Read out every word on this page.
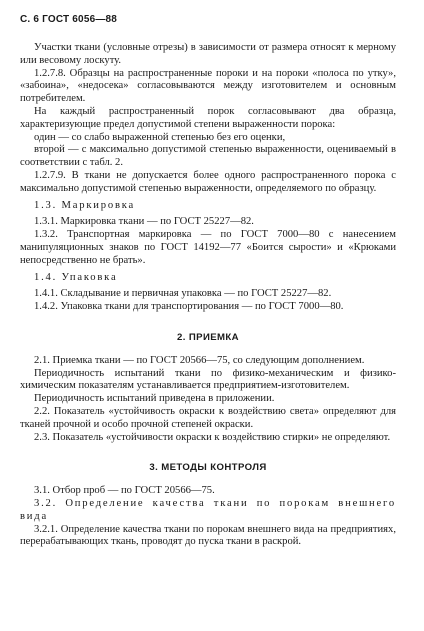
С. 6 ГОСТ 6056—88

Участки ткани (условные отрезы) в зависимости от размера относят к мерному или весовому лоскуту.

1.2.7.8. Образцы на распространенные пороки и на пороки «полоса по утку», «забоина», «недосека» согласовываются между изготовителем и основным потребителем.

На каждый распространенный порок согласовывают два образца, характеризующие предел допустимой степени выраженности порока:

один — со слабо выраженной степенью без его оценки,

второй — с максимально допустимой степенью выраженности, оцениваемый в соответствии с табл. 2.

1.2.7.9. В ткани не допускается более одного распространенного порока с максимально допустимой степенью выраженности, определяемого по образцу.

1.3. Маркировка

1.3.1. Маркировка ткани — по ГОСТ 25227—82.

1.3.2. Транспортная маркировка — по ГОСТ 7000—80 с нанесением манипуляционных знаков по ГОСТ 14192—77 «Боится сырости» и «Крюками непосредственно не брать».

1.4. Упаковка

1.4.1. Складывание и первичная упаковка — по ГОСТ 25227—82.

1.4.2. Упаковка ткани для транспортирования — по ГОСТ 7000—80.

2. ПРИЕМКА

2.1. Приемка ткани — по ГОСТ 20566—75, со следующим дополнением.

Периодичность испытаний ткани по физико-механическим и физико-химическим показателям устанавливается предприятием-изготовителем.

Периодичность испытаний приведена в приложении.

2.2. Показатель «устойчивость окраски к воздействию света» определяют для тканей прочной и особо прочной степеней окраски.

2.3. Показатель «устойчивости окраски к воздействию стирки» не определяют.

3. МЕТОДЫ КОНТРОЛЯ

3.1. Отбор проб — по ГОСТ 20566—75.

3.2. Определение качества ткани по порокам внешнего вида

3.2.1. Определение качества ткани по порокам внешнего вида на предприятиях, перерабатывающих ткань, проводят до пуска ткани в раскрой.
